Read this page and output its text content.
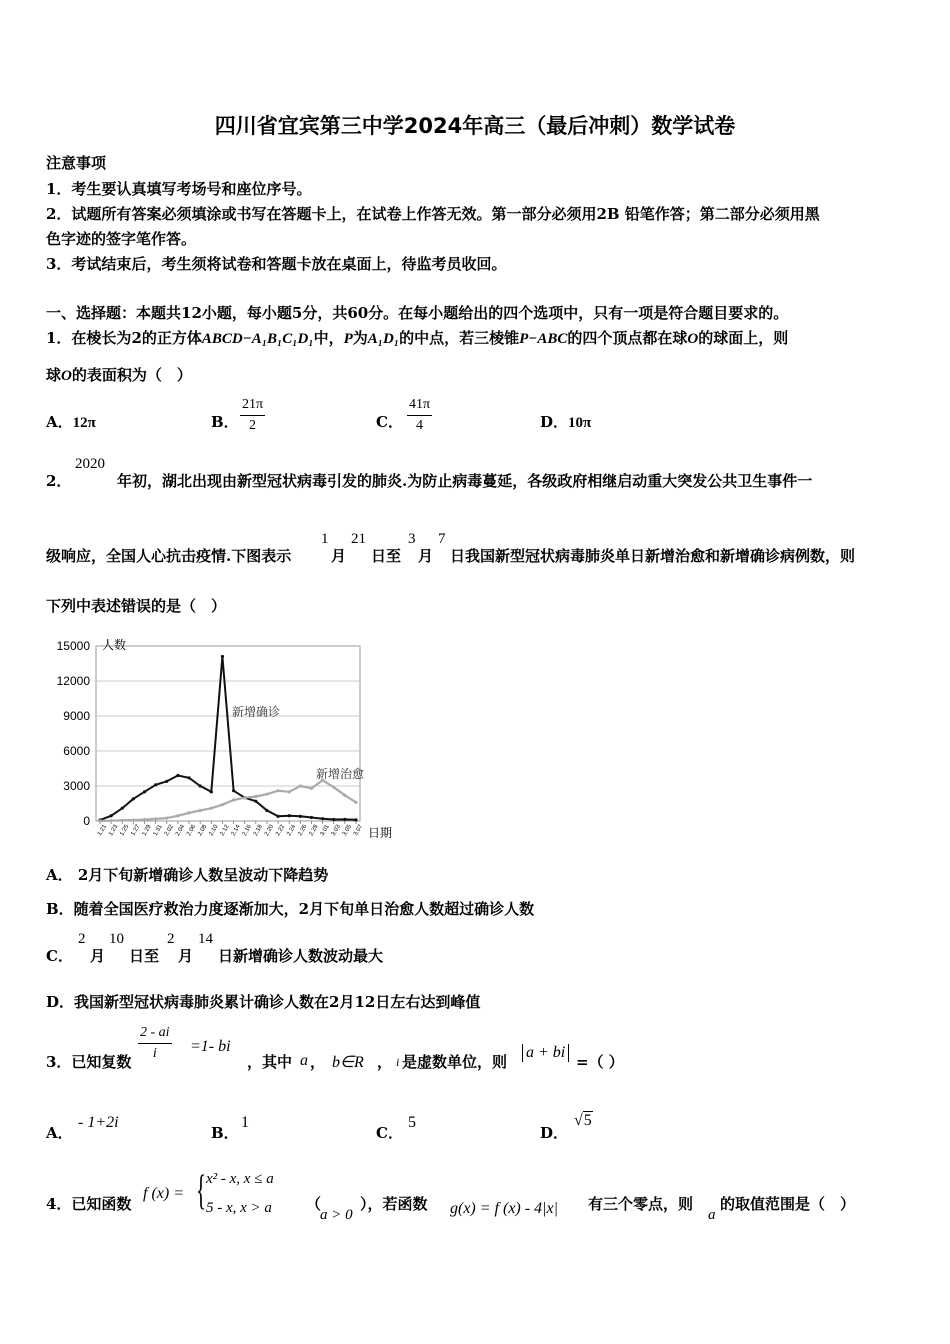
四川省宜宾第三中学2024年高三（最后冲刺）数学试卷
注意事项
1．考生要认真填写考场号和座位序号。
2．试题所有答案必须填涂或书写在答题卡上，在试卷上作答无效。第一部分必须用2B 铅笔作答；第二部分必须用黑
色字迹的签字笔作答。
3．考试结束后，考生须将试卷和答题卡放在桌面上，待监考员收回。
一、选择题：本题共12小题，每小题5分，共60分。在每小题给出的四个选项中，只有一项是符合题目要求的。
1．在棱长为2的正方体ABCD−A₁B₁C₁D₁中，P为A₁D₁的中点，若三棱锥P−ABC的四个顶点都在球O的球面上，则
球O的表面积为（　）
A．12π	B．
21π
2	C．
41π
4	D．10π
2．
2020
年初，湖北出现由新型冠状病毒引发的肺炎.为防止病毒蔓延，各级政府相继启动重大突发公共卫生事件一
级响应，全国人心抗击疫情.下图表示
1
月
21
日至
3
月
7
日我国新型冠状病毒肺炎单日新增治愈和新增确诊病例数，则
下列中表述错误的是（　）
15000
12000
9000
6000
3000
0
1.21 1.23 1.25 1.27 1.29 1.31 2.02 2.04 2.06 2.08 2.10 2.12 2.14 2.16 2.18 2.20 2.22 2.24 2.26 2.28 3.01 3.03 3.05 3.07
人数
日期
新增确诊
新增治愈
A． 2月下旬新增确诊人数呈波动下降趋势
B．随着全国医疗救治力度逐渐加大，2月下旬单日治愈人数超过确诊人数
C．
2
月
10
日至
2
月
14
日新增确诊人数波动最大
D．我国新型冠状病毒肺炎累计确诊人数在2月12日左右达到峰值
3．已知复数
2 - ai
i	=1- bi
，其中 a ， b∈R ， i 是虚数单位，则
a + bi
=（ ）
A．
- 1+2i
B．
1
C．
5
D．
√5
4．已知函数
f (x) = { x² - x, x ≤ a
5 - x, x > a （
a > 0
），若函数 g(x) = f (x) - 4|x| 有三个零点，则
a
的取值范围是（　）
